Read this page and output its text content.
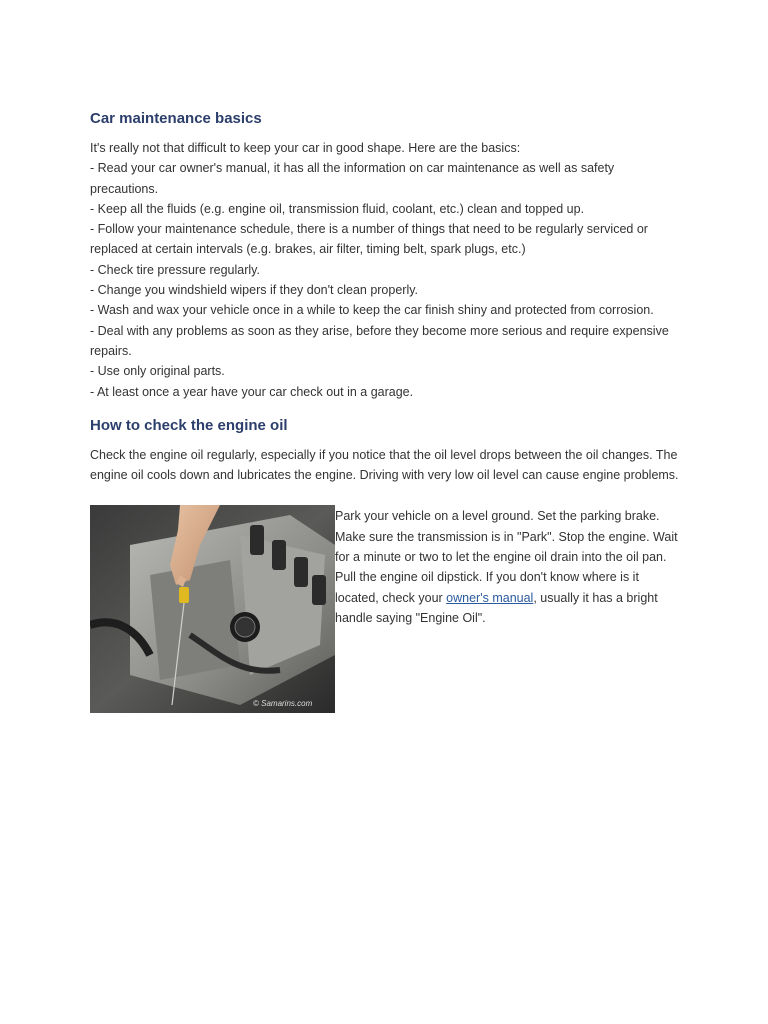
Car maintenance basics

It's really not that difficult to keep your car in good shape. Here are the basics:

- Read your car owner's manual, it has all the information on car maintenance as well as safety precautions.
- Keep all the fluids (e.g. engine oil, transmission fluid, coolant, etc.) clean and topped up.
- Follow your maintenance schedule, there is a number of things that need to be regularly serviced or replaced at certain intervals (e.g. brakes, air filter, timing belt, spark plugs, etc.)
- Check tire pressure regularly.
- Change you windshield wipers if they don't clean properly.
- Wash and wax your vehicle once in a while to keep the car finish shiny and protected from corrosion.
- Deal with any problems as soon as they arise, before they become more serious and require expensive repairs.
- Use only original parts.
- At least once a year have your car check out in a garage.
How to check the engine oil

Check the engine oil regularly, especially if you notice that the oil level drops between the oil changes. The engine oil cools down and lubricates the engine. Driving with very low oil level can cause engine problems.

© Samarins.com

Park your vehicle on a level ground. Set the parking brake. Make sure the transmission is in "Park". Stop the engine. Wait for a minute or two to let the engine oil drain into the oil pan. Pull the engine oil dipstick. If you don't know where is it located, check your owner's manual, usually it has a bright handle saying "Engine Oil".
